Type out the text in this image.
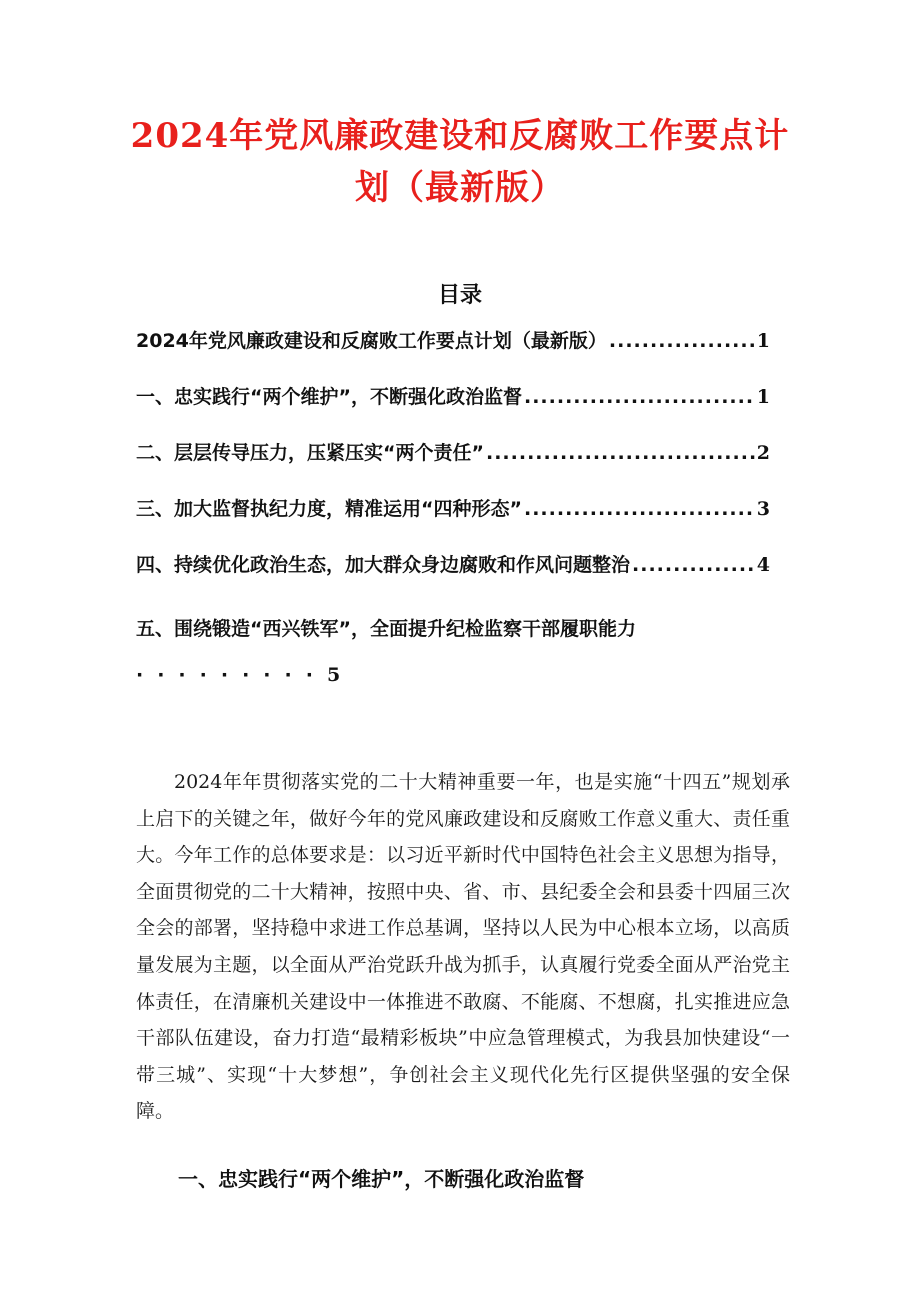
2024年党风廉政建设和反腐败工作要点计划（最新版）
目录
2024年党风廉政建设和反腐败工作要点计划（最新版） .....	1
一、忠实践行“两个维护”，不断强化政治监督 .....	1
二、层层传导压力，压紧压实“两个责任” .....	2
三、加大监督执纪力度，精准运用“四种形态” .....	3
四、持续优化政治生态，加大群众身边腐败和作风问题整治 .....	4
五、围绕锻造“西兴铁军”，全面提升纪检监察干部履职能力·········5

2024年年贯彻落实党的二十大精神重要一年，也是实施“十四五”规划承上启下的关键之年，做好今年的党风廉政建设和反腐败工作意义重大、责任重大。今年工作的总体要求是：以习近平新时代中国特色社会主义思想为指导，全面贯彻党的二十大精神，按照中央、省、市、县纪委全会和县委十四届三次全会的部署，坚持稳中求进工作总基调，坚持以人民为中心根本立场，以高质量发展为主题，以全面从严治党跃升战为抓手，认真履行党委全面从严治党主体责任，在清廉机关建设中一体推进不敢腐、不能腐、不想腐，扎实推进应急干部队伍建设，奋力打造“最精彩板块”中应急管理模式，为我县加快建设“一带三城”、实现“十大梦想”，争创社会主义现代化先行区提供坚强的安全保障。

一、忠实践行“两个维护”，不断强化政治监督
